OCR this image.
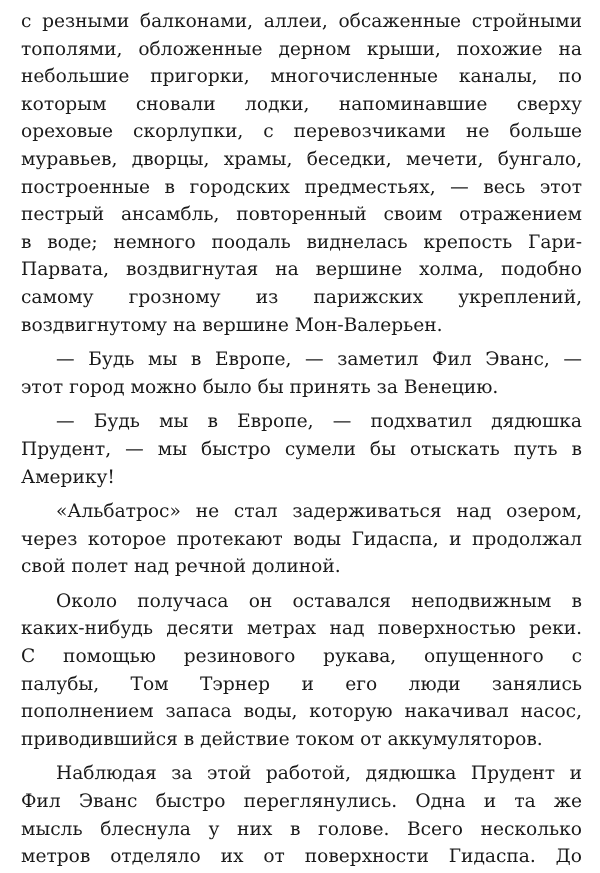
с резными балконами, аллеи, обсаженные стройными
тополями, обложенные дерном крыши, похожие на
небольшие пригорки, многочисленные каналы, по
которым сновали лодки, напоминавшие сверху
ореховые скорлупки, с перевозчиками не больше
муравьев, дворцы, храмы, беседки, мечети, бунгало,
построенные в городских предместьях, — весь этот
пестрый ансамбль, повторенный своим отражением
в воде; немного поодаль виднелась крепость Гари-
Парвата, воздвигнутая на вершине холма, подобно
самому грозному из парижских укреплений,
воздвигнутому на вершине Мон-Валерьен.
— Будь мы в Европе, — заметил Фил Эванс, —
этот город можно было бы принять за Венецию.
— Будь мы в Европе, — подхватил дядюшка
Прудент, — мы быстро сумели бы отыскать путь в
Америку!
«Альбатрос» не стал задерживаться над озером,
через которое протекают воды Гидаспа, и продолжал
свой полет над речной долиной.
Около получаса он оставался неподвижным в
каких-нибудь десяти метрах над поверхностью реки.
С помощью резинового рукава, опущенного с
палубы, Том Тэрнер и его люди занялись
пополнением запаса воды, которую накачивал насос,
приводившийся в действие током от аккумуляторов.
Наблюдая за этой работой, дядюшка Прудент и
Фил Эванс быстро переглянулись. Одна и та же
мысль блеснула у них в голове. Всего несколько
метров отделяло их от поверхности Гидаспа. До
